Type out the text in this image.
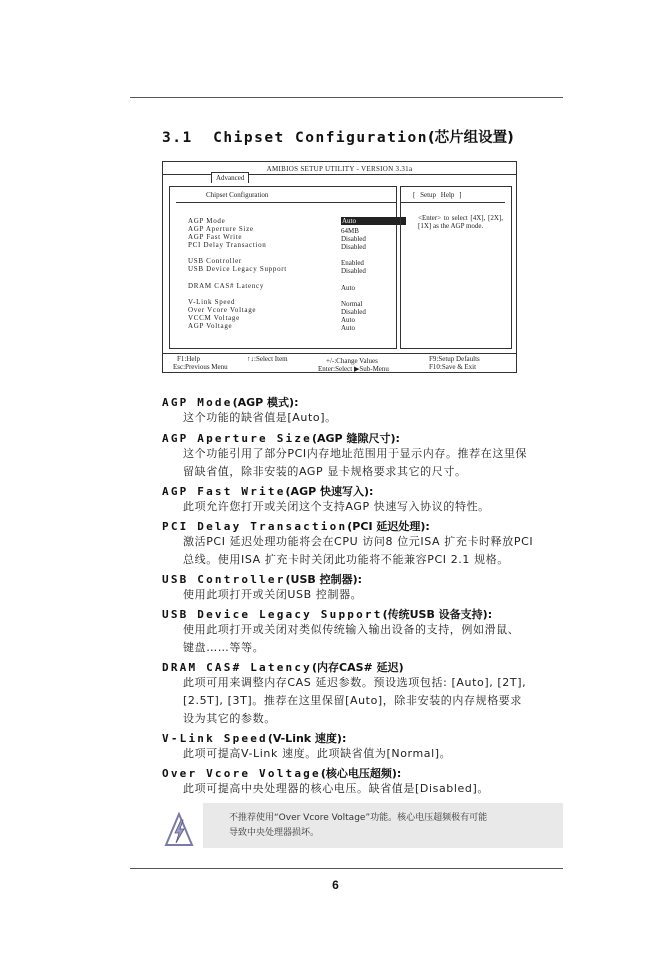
3.1 Chipset Configuration(芯片组设置)
AMIBIOS SETUP UTILITY - VERSION 3.31a
Advanced
Chipset Configuration
AGP Mode	Auto
AGP Aperture Size	64MB
AGP Fast Write	Disabled
PCI Delay Transaction	Disabled
USB Controller	Enabled
USB Device Legacy Support	Disabled
DRAM CAS# Latency	Auto
V-Link Speed	Normal
Over Vcore Voltage	Disabled
VCCM Voltage	Auto
AGP Voltage	Auto
[ Setup Help ]
<Enter> to select [4X], [2X], [1X] as the AGP mode.
F1:Help	↑↓:Select Item	+/-:Change Values	F9:Setup Defaults
Esc:Previous Menu	Enter:Select ▶Sub-Menu	F10:Save & Exit
AGP Mode(AGP 模式):
这个功能的缺省值是[Auto]。
AGP Aperture Size(AGP 缝隙尺寸):
这个功能引用了部分PCI内存地址范围用于显示内存。推荐在这里保
留缺省值，除非安装的AGP 显卡规格要求其它的尺寸。
AGP Fast Write(AGP 快速写入):
此项允许您打开或关闭这个支持AGP 快速写入协议的特性。
PCI Delay Transaction(PCI 延迟处理):
激活PCI 延迟处理功能将会在CPU 访问8 位元ISA 扩充卡时释放PCI
总线。使用ISA 扩充卡时关闭此功能将不能兼容PCI 2.1 规格。
USB Controller(USB 控制器):
使用此项打开或关闭USB 控制器。
USB Device Legacy Support(传统USB 设备支持):
使用此项打开或关闭对类似传统输入输出设备的支持，例如滑鼠、
键盘……等等。
DRAM CAS# Latency(内存CAS# 延迟)
此项可用来调整内存CAS 延迟参数。预设选项包括: [Auto], [2T],
[2.5T], [3T]。推荐在这里保留[Auto]，除非安装的内存规格要求
设为其它的参数。
V-Link Speed(V-Link 速度):
此项可提高V-Link 速度。此项缺省值为[Normal]。
Over Vcore Voltage(核心电压超频):
此项可提高中央处理器的核心电压。缺省值是[Disabled]。
不推荐使用“Over Vcore Voltage”功能。核心电压超频极有可能
导致中央处理器损坏。
6
